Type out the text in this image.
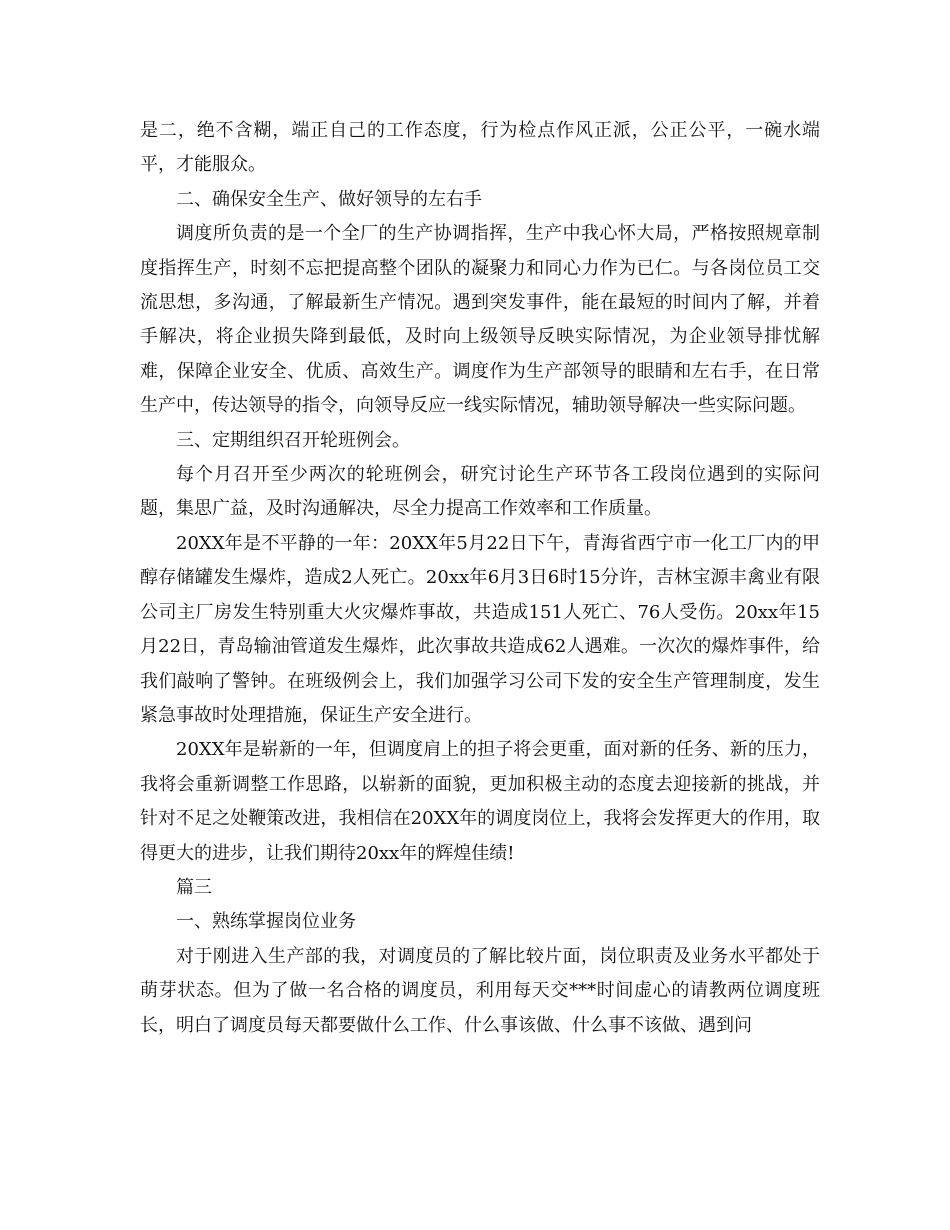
是二，绝不含糊，端正自己的工作态度，行为检点作风正派，公正公平，一碗水端平，才能服众。

二、确保安全生产、做好领导的左右手

调度所负责的是一个全厂的生产协调指挥，生产中我心怀大局，严格按照规章制度指挥生产，时刻不忘把提高整个团队的凝聚力和同心力作为已仁。与各岗位员工交流思想，多沟通，了解最新生产情况。遇到突发事件，能在最短的时间内了解，并着手解决，将企业损失降到最低，及时向上级领导反映实际情况，为企业领导排忧解难，保障企业安全、优质、高效生产。调度作为生产部领导的眼睛和左右手，在日常生产中，传达领导的指令，向领导反应一线实际情况，辅助领导解决一些实际问题。

三、定期组织召开轮班例会。

每个月召开至少两次的轮班例会，研究讨论生产环节各工段岗位遇到的实际问题，集思广益，及时沟通解决，尽全力提高工作效率和工作质量。

20XX年是不平静的一年：20XX年5月22日下午，青海省西宁市一化工厂内的甲醇存储罐发生爆炸，造成2人死亡。20xx年6月3日6时15分许，吉林宝源丰禽业有限公司主厂房发生特别重大火灾爆炸事故，共造成151人死亡、76人受伤。20xx年15月22日，青岛输油管道发生爆炸，此次事故共造成62人遇难。一次次的爆炸事件，给我们敲响了警钟。在班级例会上，我们加强学习公司下发的安全生产管理制度，发生紧急事故时处理措施，保证生产安全进行。

20XX年是崭新的一年，但调度肩上的担子将会更重，面对新的任务、新的压力，我将会重新调整工作思路，以崭新的面貌，更加积极主动的态度去迎接新的挑战，并针对不足之处鞭策改进，我相信在20XX年的调度岗位上，我将会发挥更大的作用，取得更大的进步，让我们期待20xx年的辉煌佳绩!

篇三

一、熟练掌握岗位业务

对于刚进入生产部的我，对调度员的了解比较片面，岗位职责及业务水平都处于萌芽状态。但为了做一名合格的调度员，利用每天交***时间虚心的请教两位调度班长，明白了调度员每天都要做什么工作、什么事该做、什么事不该做、遇到问
